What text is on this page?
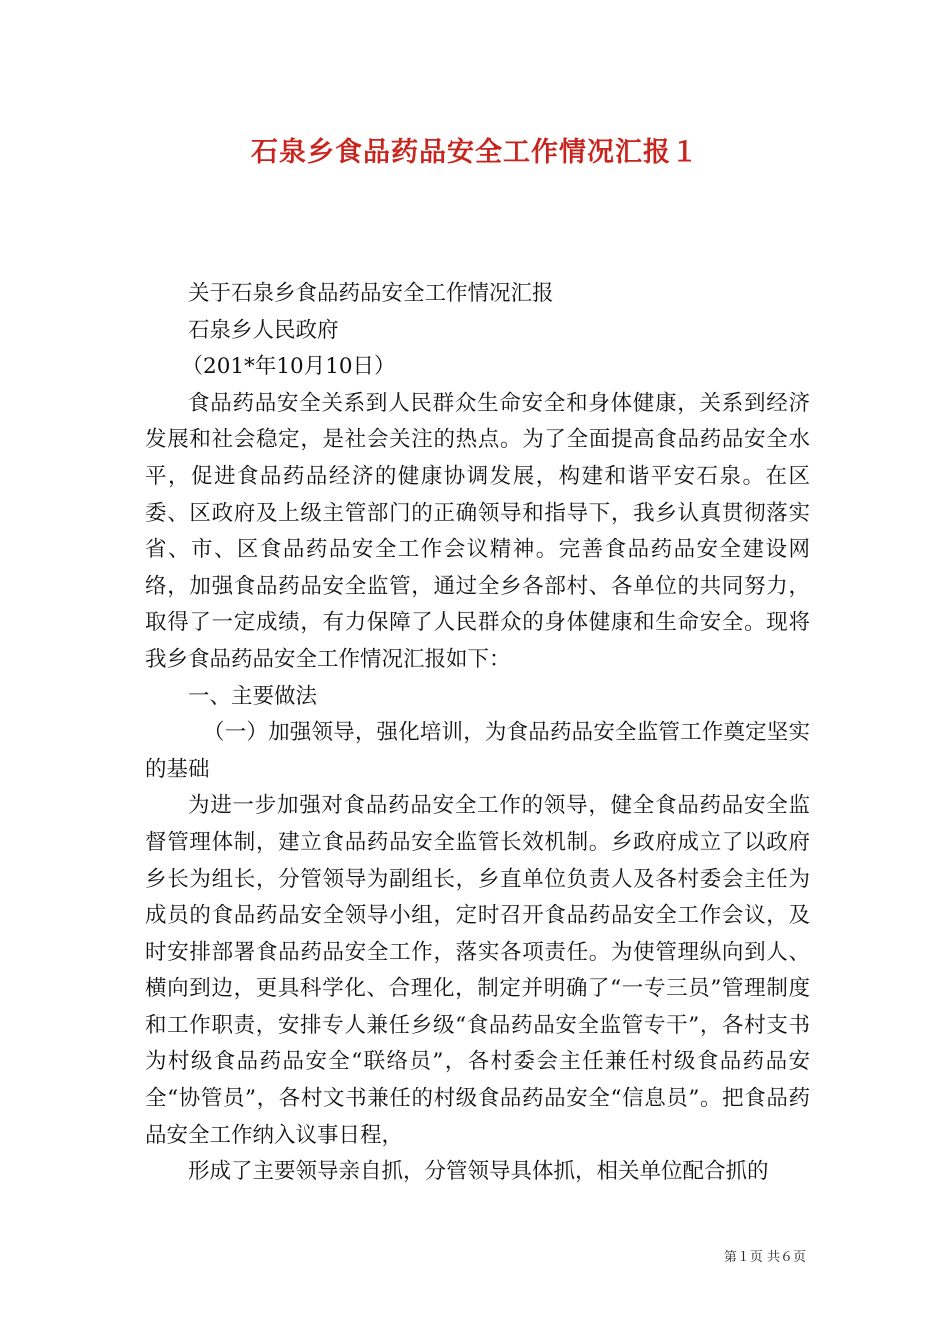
石泉乡食品药品安全工作情况汇报１

关于石泉乡食品药品安全工作情况汇报

石泉乡人民政府

（201*年10月10日）

食品药品安全关系到人民群众生命安全和身体健康，关系到经济发展和社会稳定，是社会关注的热点。为了全面提高食品药品安全水平，促进食品药品经济的健康协调发展，构建和谐平安石泉。在区委、区政府及上级主管部门的正确领导和指导下，我乡认真贯彻落实省、市、区食品药品安全工作会议精神。完善食品药品安全建设网络，加强食品药品安全监管，通过全乡各部村、各单位的共同努力，取得了一定成绩，有力保障了人民群众的身体健康和生命安全。现将我乡食品药品安全工作情况汇报如下：

一、主要做法

（一）加强领导，强化培训，为食品药品安全监管工作奠定坚实的基础

为进一步加强对食品药品安全工作的领导，健全食品药品安全监督管理体制，建立食品药品安全监管长效机制。乡政府成立了以政府乡长为组长，分管领导为副组长，乡直单位负责人及各村委会主任为成员的食品药品安全领导小组，定时召开食品药品安全工作会议，及时安排部署食品药品安全工作，落实各项责任。为使管理纵向到人、横向到边，更具科学化、合理化，制定并明确了“一专三员”管理制度和工作职责，安排专人兼任乡级“食品药品安全监管专干”，各村支书为村级食品药品安全“联络员”，各村委会主任兼任村级食品药品安全“协管员”，各村文书兼任的村级食品药品安全“信息员”。把食品药品安全工作纳入议事日程，

形成了主要领导亲自抓，分管领导具体抓，相关单位配合抓的

第１页 共６页
